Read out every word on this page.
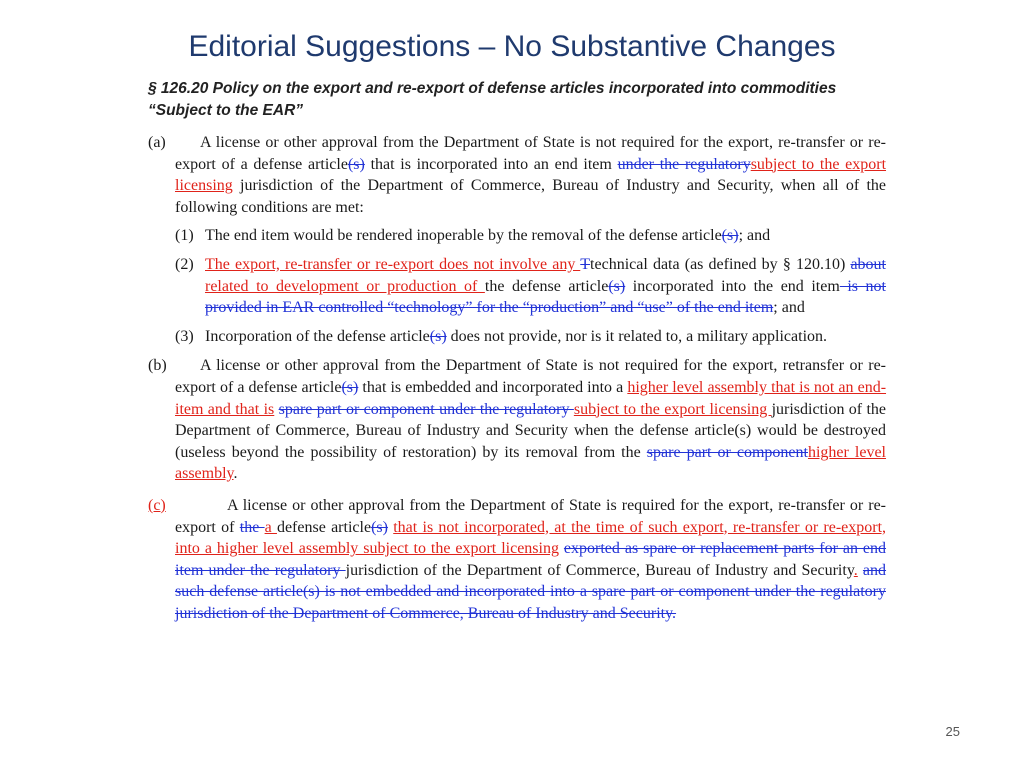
Editorial Suggestions – No Substantive Changes

§ 126.20 Policy on the export and re-export of defense articles incorporated into commodities “Subject to the EAR”

(a) A license or other approval from the Department of State is not required for the export, re-transfer or re-export of a defense article(s) that is incorporated into an end item under the regulatorysubject to the export licensing jurisdiction of the Department of Commerce, Bureau of Industry and Security, when all of the following conditions are met:
(1) The end item would be rendered inoperable by the removal of the defense article(s); and
(2) The export, re-transfer or re-export does not involve any Ttechnical data (as defined by § 120.10) about related to development or production of the defense article(s) incorporated into the end item is not provided in EAR controlled “technology” for the “production” and “use” of the end item; and
(3) Incorporation of the defense article(s) does not provide, nor is it related to, a military application.
(b) A license or other approval from the Department of State is not required for the export, retransfer or re-export of a defense article(s) that is embedded and incorporated into a higher level assembly that is not an end-item and that is spare part or component under the regulatory subject to the export licensing jurisdiction of the Department of Commerce, Bureau of Industry and Security when the defense article(s) would be destroyed (useless beyond the possibility of restoration) by its removal from the spare part or componenthigher level assembly.
(c)	A license or other approval from the Department of State is required for the export, re-transfer or re-export of the a defense article(s) that is not incorporated, at the time of such export, re-transfer or re-export, into a higher level assembly subject to the export licensing exported as spare or replacement parts for an end item under the regulatory jurisdiction of the Department of Commerce, Bureau of Industry and Security. and such defense article(s) is not embedded and incorporated into a spare part or component under the regulatory jurisdiction of the Department of Commerce, Bureau of Industry and Security.
25
